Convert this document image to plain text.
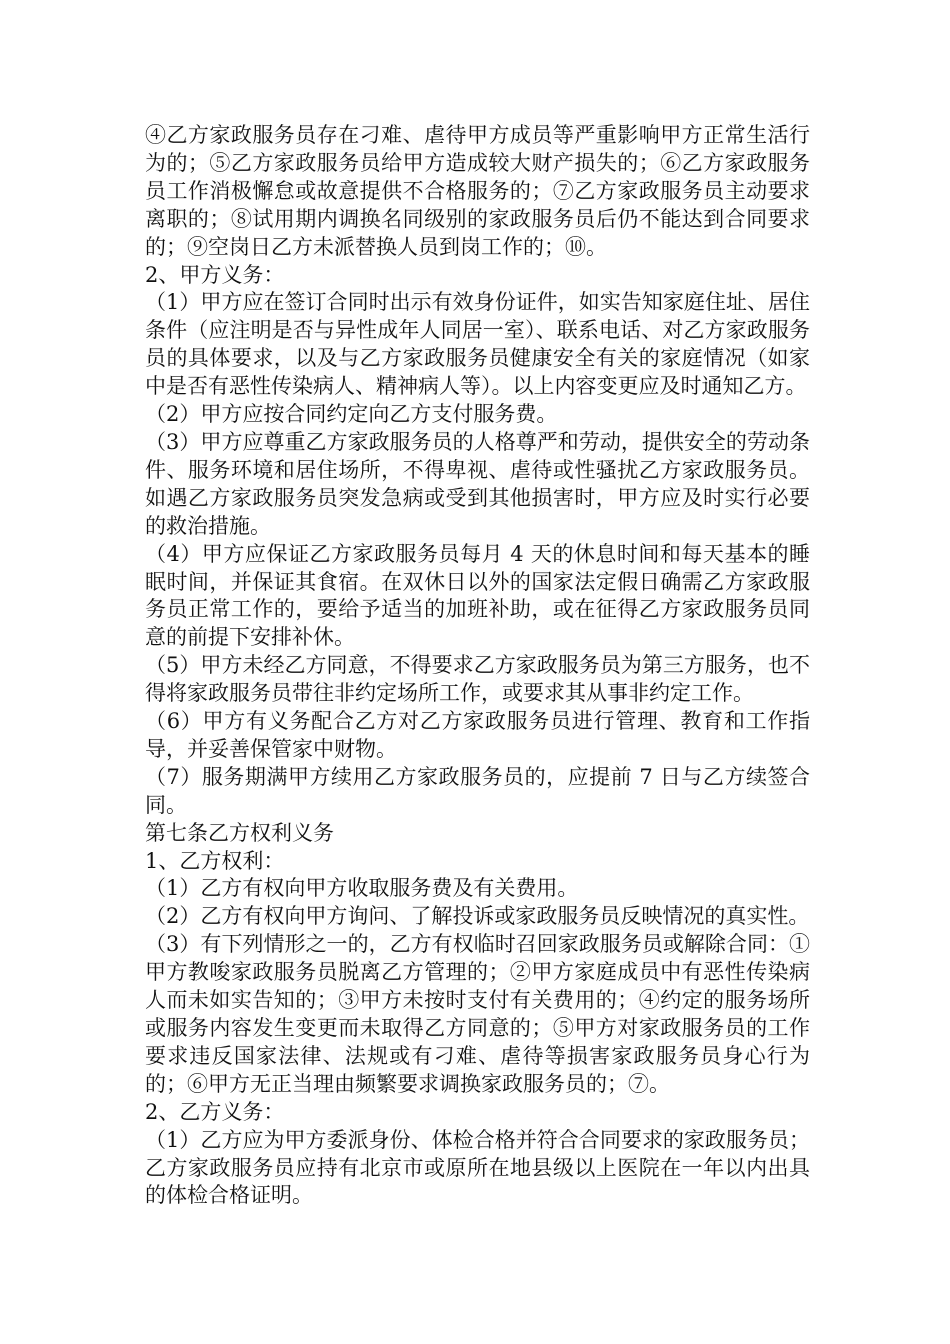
④乙方家政服务员存在刁难、虐待甲方成员等严重影响甲方正常生活行为的；⑤乙方家政服务员给甲方造成较大财产损失的；⑥乙方家政服务员工作消极懈怠或故意提供不合格服务的；⑦乙方家政服务员主动要求离职的；⑧试用期内调换名同级别的家政服务员后仍不能达到合同要求的；⑨空岗日乙方未派替换人员到岗工作的；⑩。

2、甲方义务：

（1）甲方应在签订合同时出示有效身份证件，如实告知家庭住址、居住条件（应注明是否与异性成年人同居一室）、联系电话、对乙方家政服务员的具体要求，以及与乙方家政服务员健康安全有关的家庭情况（如家中是否有恶性传染病人、精神病人等）。以上内容变更应及时通知乙方。

（2）甲方应按合同约定向乙方支付服务费。

（3）甲方应尊重乙方家政服务员的人格尊严和劳动，提供安全的劳动条件、服务环境和居住场所，不得卑视、虐待或性骚扰乙方家政服务员。如遇乙方家政服务员突发急病或受到其他损害时，甲方应及时实行必要的救治措施。

（4）甲方应保证乙方家政服务员每月 4 天的休息时间和每天基本的睡眠时间，并保证其食宿。在双休日以外的国家法定假日确需乙方家政服务员正常工作的，要给予适当的加班补助，或在征得乙方家政服务员同意的前提下安排补休。

（5）甲方未经乙方同意，不得要求乙方家政服务员为第三方服务，也不得将家政服务员带往非约定场所工作，或要求其从事非约定工作。

（6）甲方有义务配合乙方对乙方家政服务员进行管理、教育和工作指导，并妥善保管家中财物。

（7）服务期满甲方续用乙方家政服务员的，应提前 7 日与乙方续签合同。

第七条乙方权利义务

1、乙方权利：

（1）乙方有权向甲方收取服务费及有关费用。

（2）乙方有权向甲方询问、了解投诉或家政服务员反映情况的真实性。

（3）有下列情形之一的，乙方有权临时召回家政服务员或解除合同：① 甲方教唆家政服务员脱离乙方管理的；②甲方家庭成员中有恶性传染病人而未如实告知的；③甲方未按时支付有关费用的；④约定的服务场所或服务内容发生变更而未取得乙方同意的；⑤甲方对家政服务员的工作要求违反国家法律、法规或有刁难、虐待等损害家政服务员身心行为的；⑥甲方无正当理由频繁要求调换家政服务员的；⑦。

2、乙方义务：

（1）乙方应为甲方委派身份、体检合格并符合合同要求的家政服务员；乙方家政服务员应持有北京市或原所在地县级以上医院在一年以内出具的体检合格证明。
